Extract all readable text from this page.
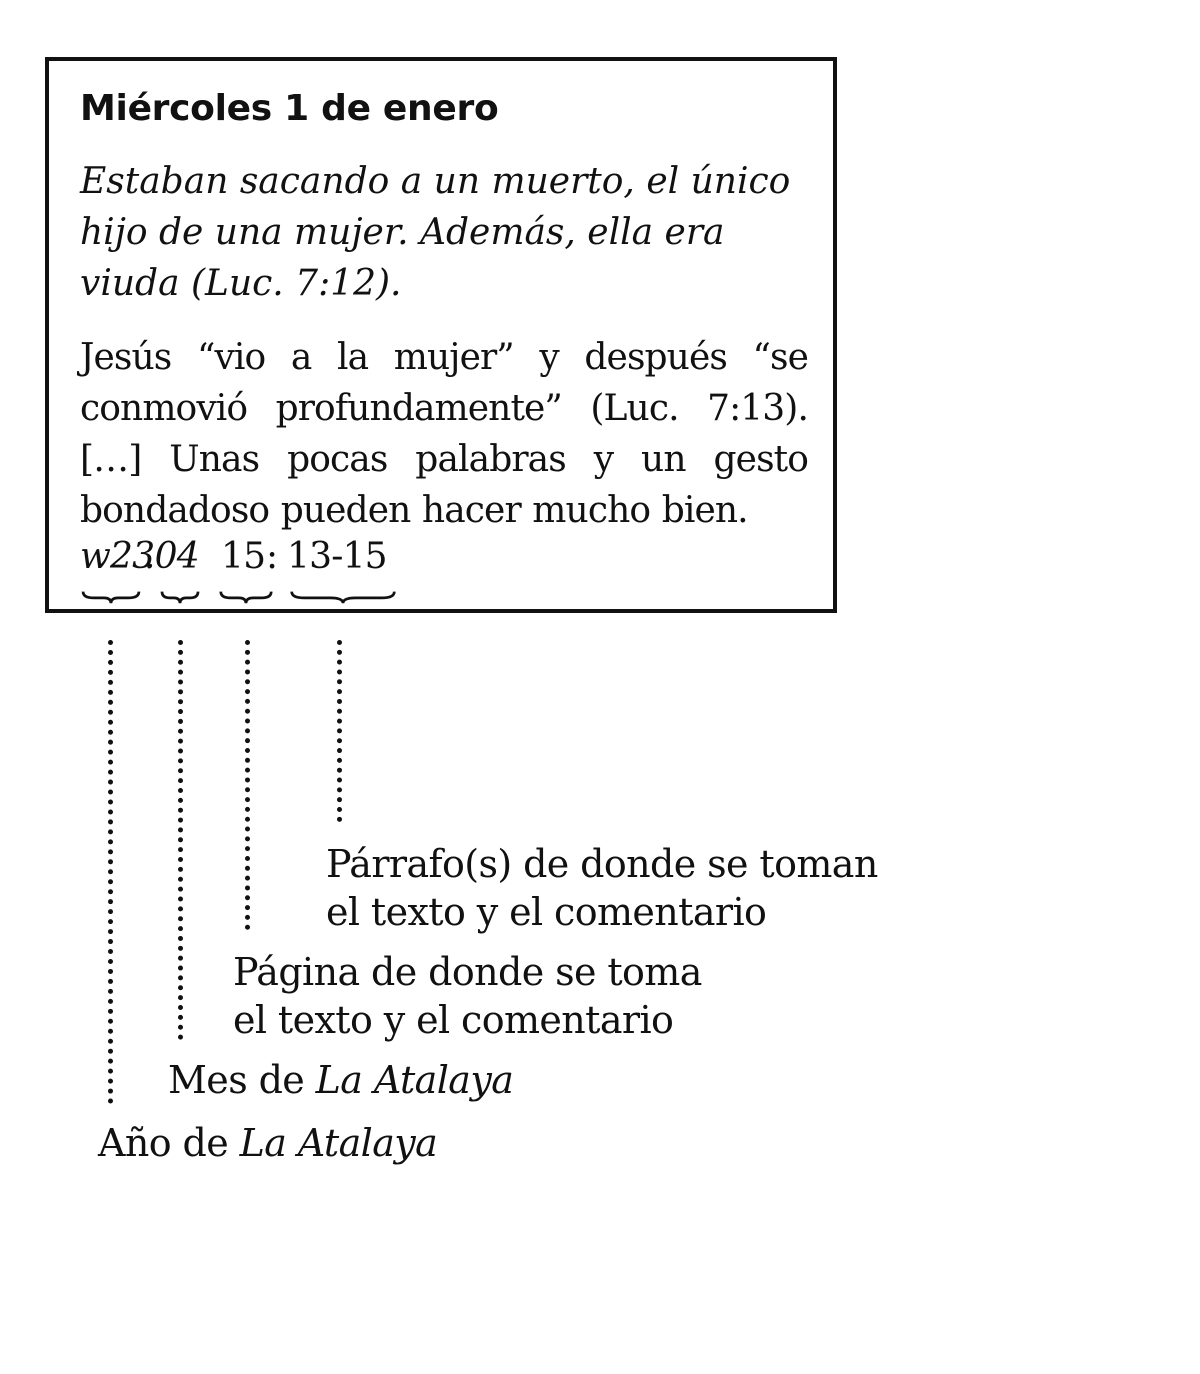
Miércoles 1 de enero

Estaban sacando a un muerto, el único hijo de una mujer. Además, ella era viuda (Luc. 7:12).

Jesús “vio a la mujer” y después “se conmovió profundamente” (Luc. 7:13). […] Unas pocas palabras y un gesto bondadoso pueden hacer mucho bien.

w23
.04 15 : 13-15

Párrafo(s) de donde se toman

el texto y el comentario

Página de donde se toma

el texto y el comentario

Mes de La Atalaya

Año de La Atalaya
